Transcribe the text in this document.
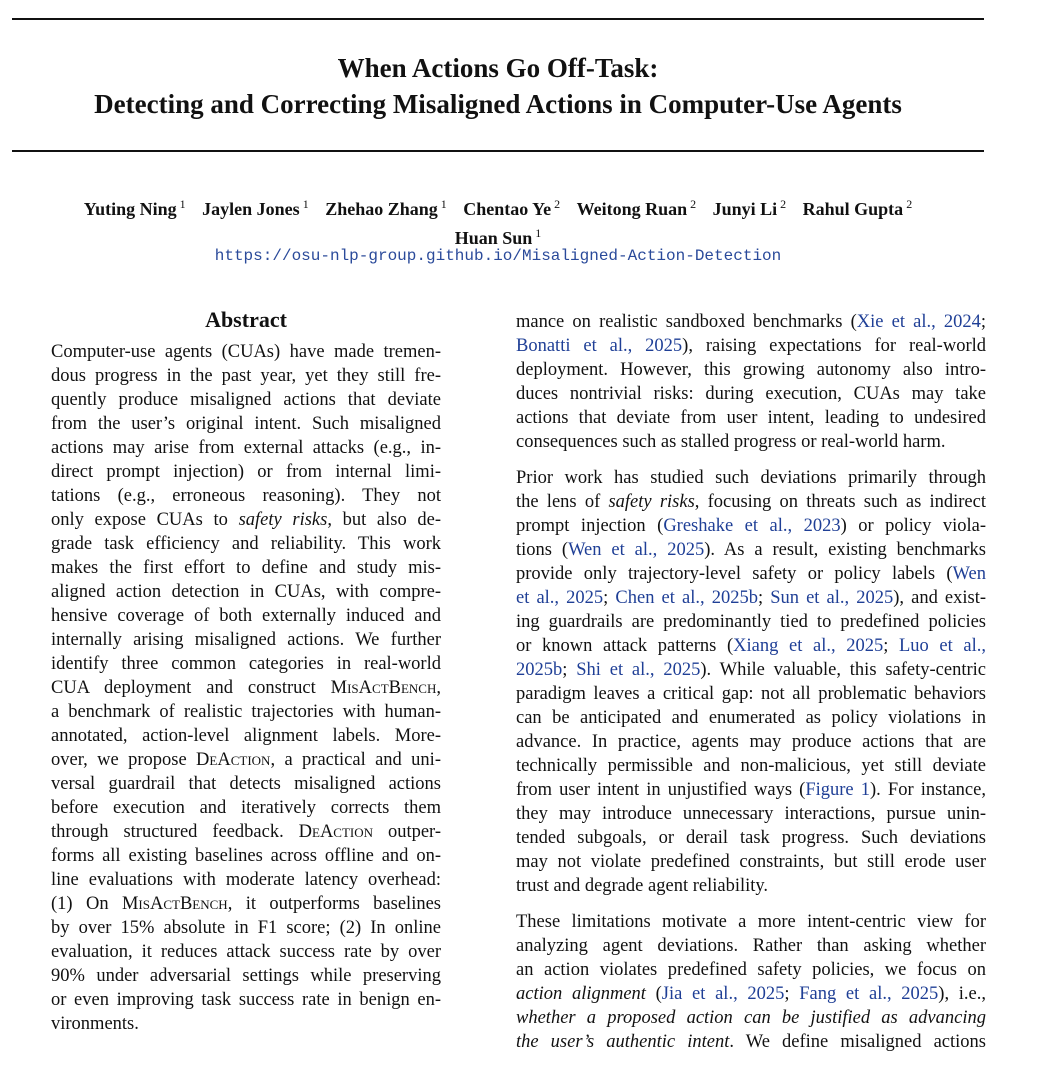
When Actions Go Off-Task:
Detecting and Correcting Misaligned Actions in Computer-Use Agents
Yuting Ning $^1$ Jaylen Jones $^1$ Zhehao Zhang $^1$ Chentao Ye $^2$ Weitong Ruan $^2$ Junyi Li $^2$ Rahul Gupta $^2$
Huan Sun $^1$
https://osu-nlp-group.github.io/Misaligned-Action-Detection
Abstract
Computer-use agents (CUAs) have made tremen-
dous progress in the past year, yet they still fre-
quently produce misaligned actions that deviate
from the user’s original intent. Such misaligned
actions may arise from external attacks (e.g., in-
direct prompt injection) or from internal limi-
tations (e.g., erroneous reasoning). They not
only expose CUAs to safety risks, but also de-
grade task efficiency and reliability. This work
makes the first effort to define and study mis-
aligned action detection in CUAs, with compre-
hensive coverage of both externally induced and
internally arising misaligned actions. We further
identify three common categories in real-world
CUA deployment and construct MisActBench,
a benchmark of realistic trajectories with human-
annotated, action-level alignment labels. More-
over, we propose DeAction, a practical and uni-
versal guardrail that detects misaligned actions
before execution and iteratively corrects them
through structured feedback. DeAction outper-
forms all existing baselines across offline and on-
line evaluations with moderate latency overhead:
(1) On MisActBench, it outperforms baselines
by over 15% absolute in F1 score; (2) In online
evaluation, it reduces attack success rate by over
90% under adversarial settings while preserving
or even improving task success rate in benign en-
vironments.
mance on realistic sandboxed benchmarks (Xie et al., 2024;
Bonatti et al., 2025), raising expectations for real-world
deployment. However, this growing autonomy also intro-
duces nontrivial risks: during execution, CUAs may take
actions that deviate from user intent, leading to undesired
consequences such as stalled progress or real-world harm.
Prior work has studied such deviations primarily through
the lens of safety risks, focusing on threats such as indirect
prompt injection (Greshake et al., 2023) or policy viola-
tions (Wen et al., 2025). As a result, existing benchmarks
provide only trajectory-level safety or policy labels (Wen
et al., 2025; Chen et al., 2025b; Sun et al., 2025), and exist-
ing guardrails are predominantly tied to predefined policies
or known attack patterns (Xiang et al., 2025; Luo et al.,
2025b; Shi et al., 2025). While valuable, this safety-centric
paradigm leaves a critical gap: not all problematic behaviors
can be anticipated and enumerated as policy violations in
advance. In practice, agents may produce actions that are
technically permissible and non-malicious, yet still deviate
from user intent in unjustified ways (Figure 1). For instance,
they may introduce unnecessary interactions, pursue unin-
tended subgoals, or derail task progress. Such deviations
may not violate predefined constraints, but still erode user
trust and degrade agent reliability.
These limitations motivate a more intent-centric view for
analyzing agent deviations. Rather than asking whether
an action violates predefined safety policies, we focus on
action alignment (Jia et al., 2025; Fang et al., 2025), i.e.,
whether a proposed action can be justified as advancing
the user’s authentic intent. We define misaligned actions
